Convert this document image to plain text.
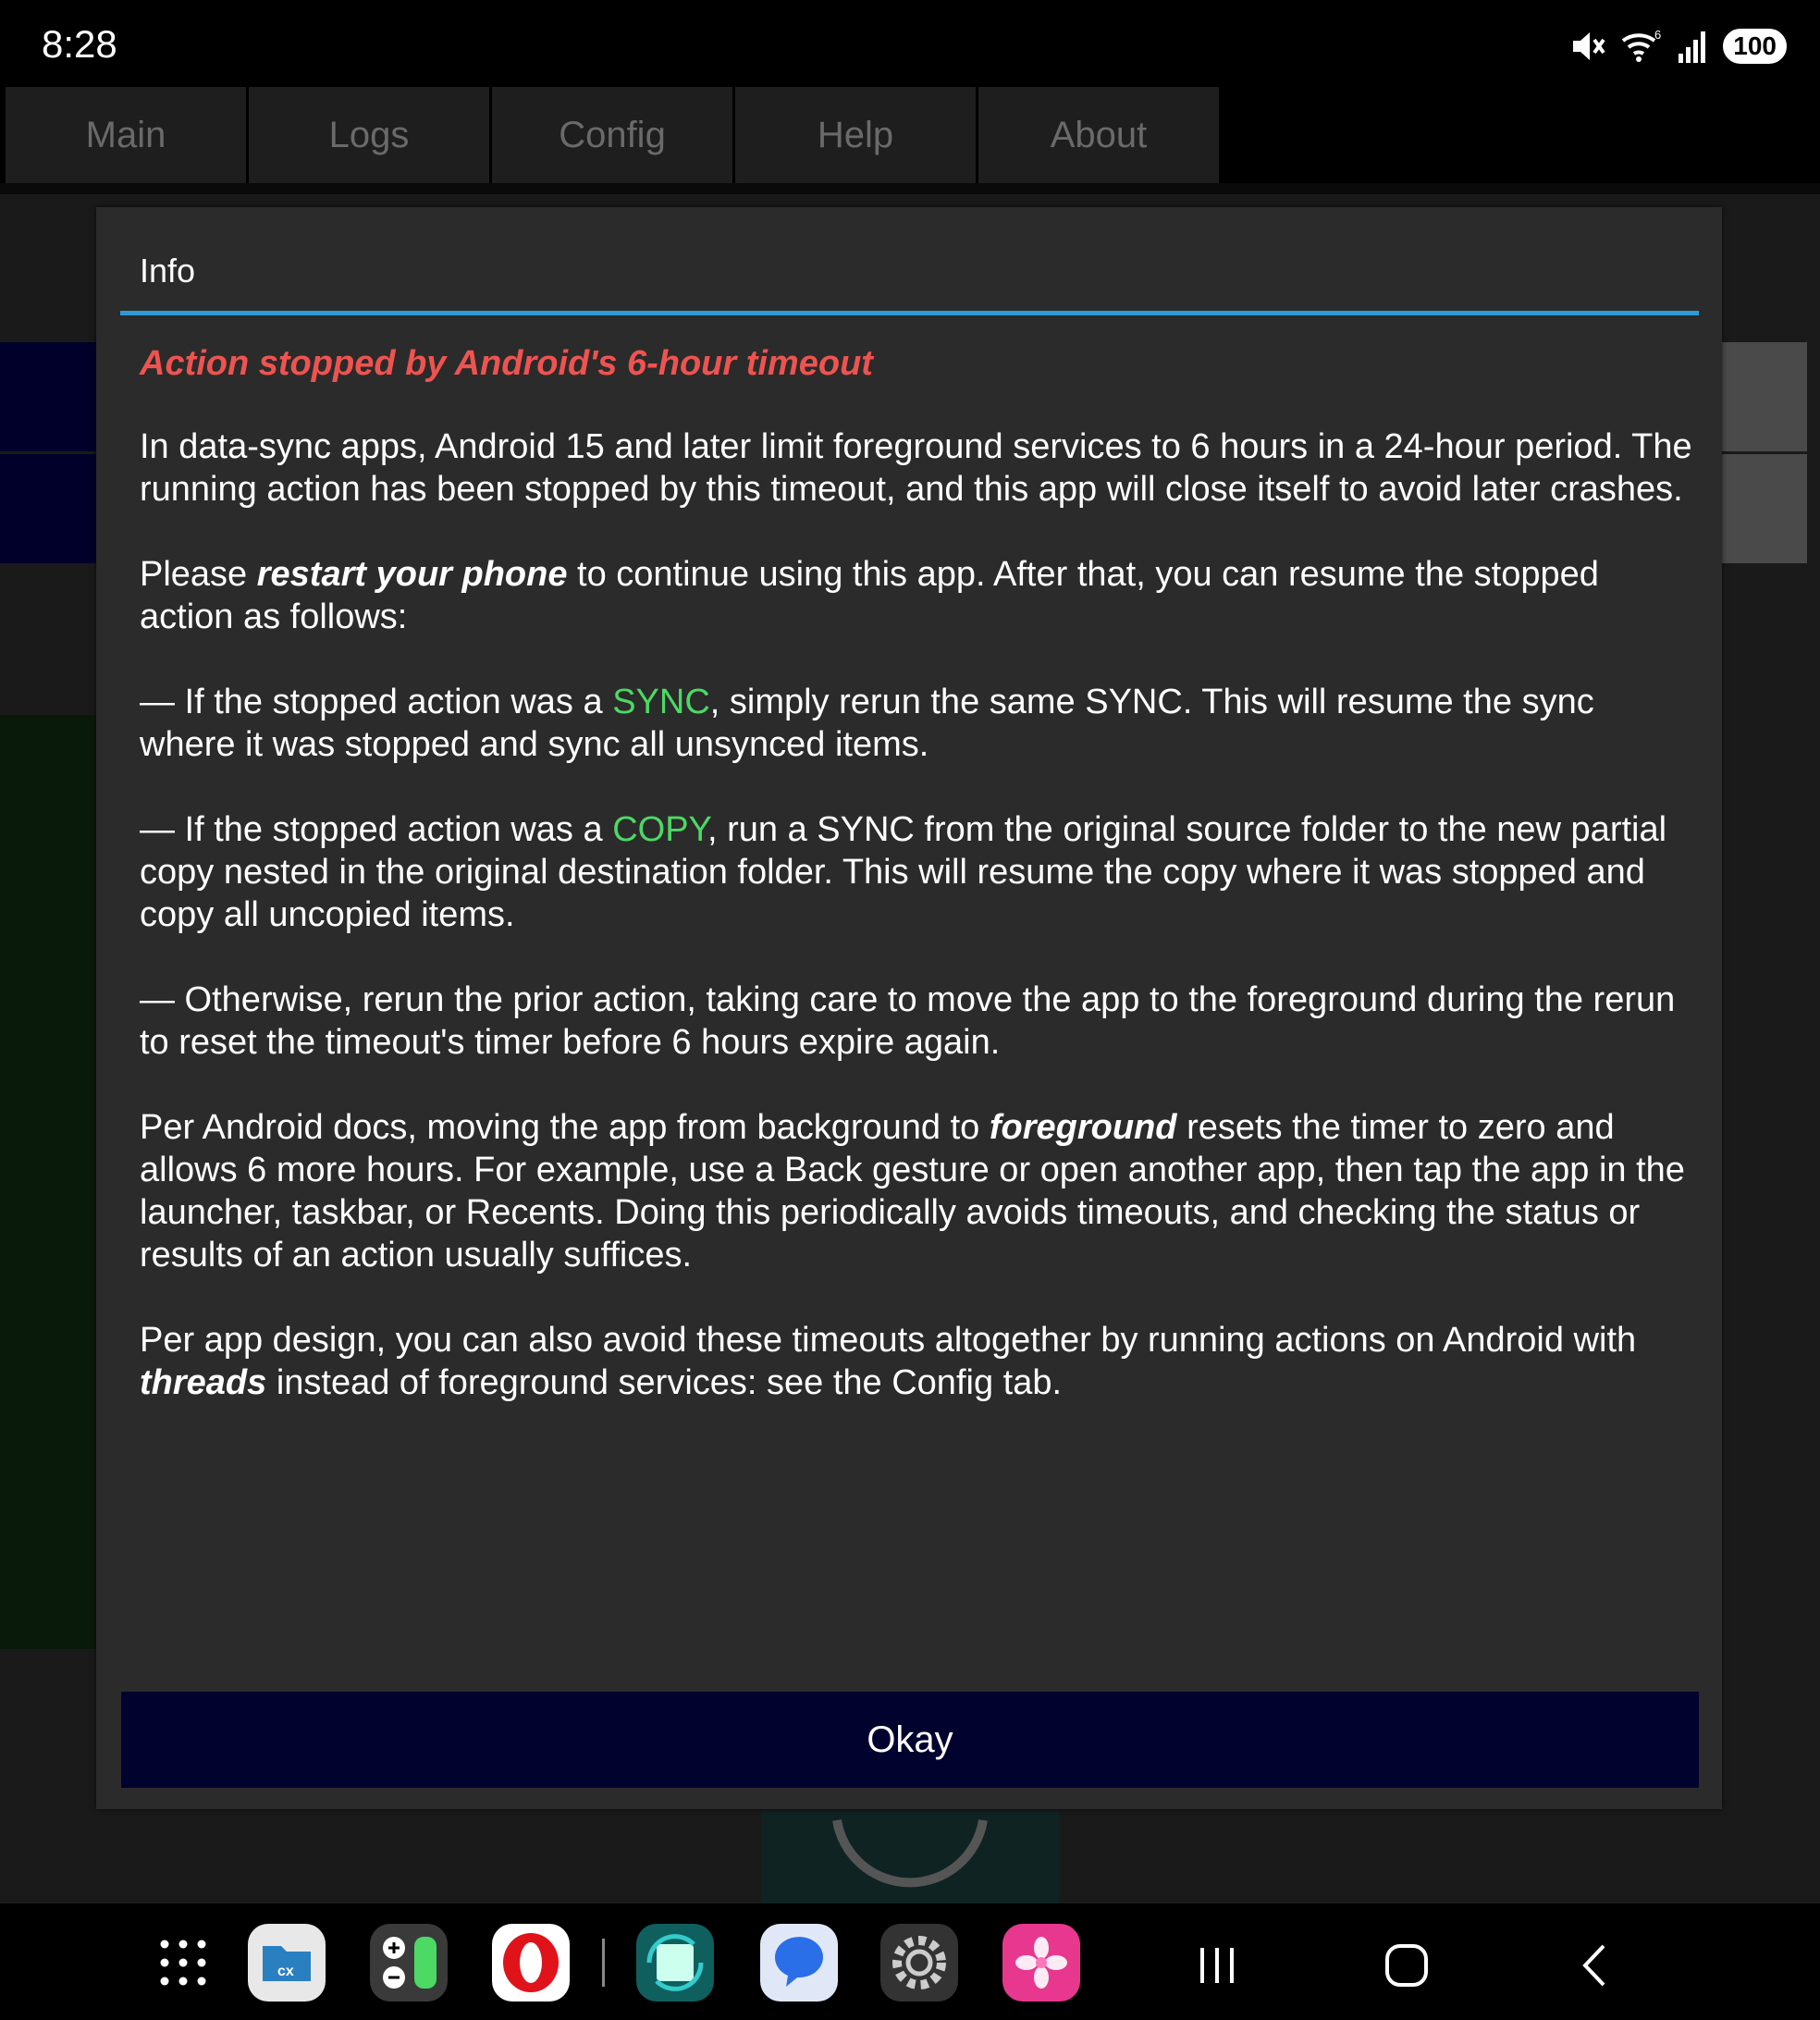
8:28	6	100
Main	Logs	Config	Help	About
Info

Action stopped by Android's 6-hour timeout

In data-sync apps, Android 15 and later limit foreground services to 6 hours in a 24-hour period. The running action has been stopped by this timeout, and this app will close itself to avoid later crashes.

Please restart your phone to continue using this app. After that, you can resume the stopped action as follows:

— If the stopped action was a SYNC, simply rerun the same SYNC. This will resume the sync where it was stopped and sync all unsynced items.

— If the stopped action was a COPY, run a SYNC from the original source folder to the new partial copy nested in the original destination folder. This will resume the copy where it was stopped and copy all uncopied items.

— Otherwise, rerun the prior action, taking care to move the app to the foreground during the rerun to reset the timeout's timer before 6 hours expire again.

Per Android docs, moving the app from background to foreground resets the timer to zero and allows 6 more hours. For example, use a Back gesture or open another app, then tap the app in the launcher, taskbar, or Recents. Doing this periodically avoids timeouts, and checking the status or results of an action usually suffices.

Per app design, you can also avoid these timeouts altogether by running actions on Android with threads instead of foreground services: see the Config tab.

Okay
cx
